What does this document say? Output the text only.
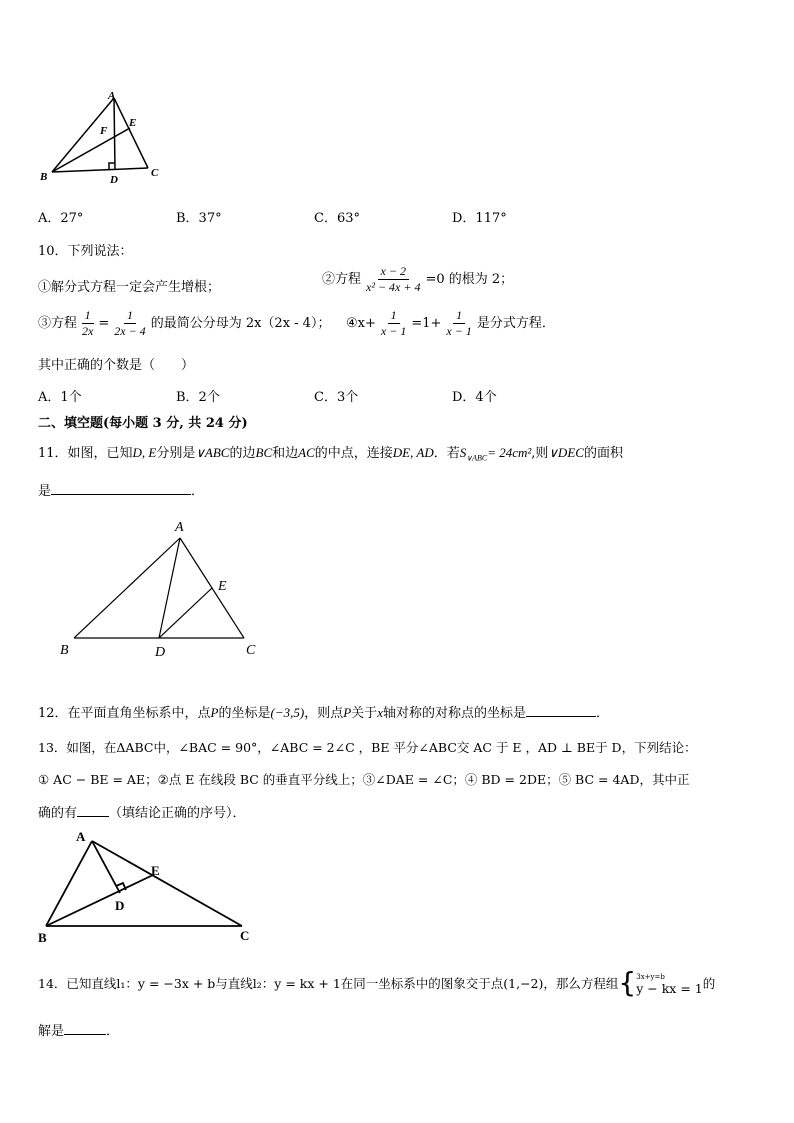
A
B	C
D
E
F
A．27°	B．37°	C．63°	D．117°
10．下列说法：
①解分式方程一定会产生增根；
②方程 $\frac{x - 2}{\text{x² − 4x + 4}} =0$ 的根为 2；
③方程 $\frac{1}{2x} = \frac{1}{2x - 4}$ 的最简公分母为 2x（2x - 4）； ④x+ $\frac{1}{x - 1} =1+ \frac{1}{x - 1}$ 是分式方程．
其中正确的个数是（　　）
A．1个	B．2个	C．3个	D．4个
二、填空题(每小题 3 分, 共 24 分)
11．如图，已知D, E分别是∨ABC的边BC和边AC的中点，连接DE, AD．若$S_{\vee ABC}= 24cm^2$,则∨DEC的面积
是	．
A
B	C
D
E
12．在平面直角坐标系中，点P的坐标是(−3,5)，则点P关于x轴对称的对称点的坐标是	．
13．如图，在ΔABC中，∠BAC = 90°，∠ABC = 2∠C ，BE 平分∠ABC交 AC 于 E ，AD ⊥ BE于 D，下列结论：
① AC − BE = AE；②点 E 在线段 BC 的垂直平分线上；③∠DAE = ∠C；④ BD = 2DE；⑤ BC = 4AD，其中正
确的有 （填结论正确的序号）．
A
B	C
D
E
14．已知直线l₁：y = −3x + b与直线l₂：y = kx + 1在同一坐标系中的图象交于点(1,−2)，那么方程组 { 3x+y=b
y − kx = 1 的
解是	．
